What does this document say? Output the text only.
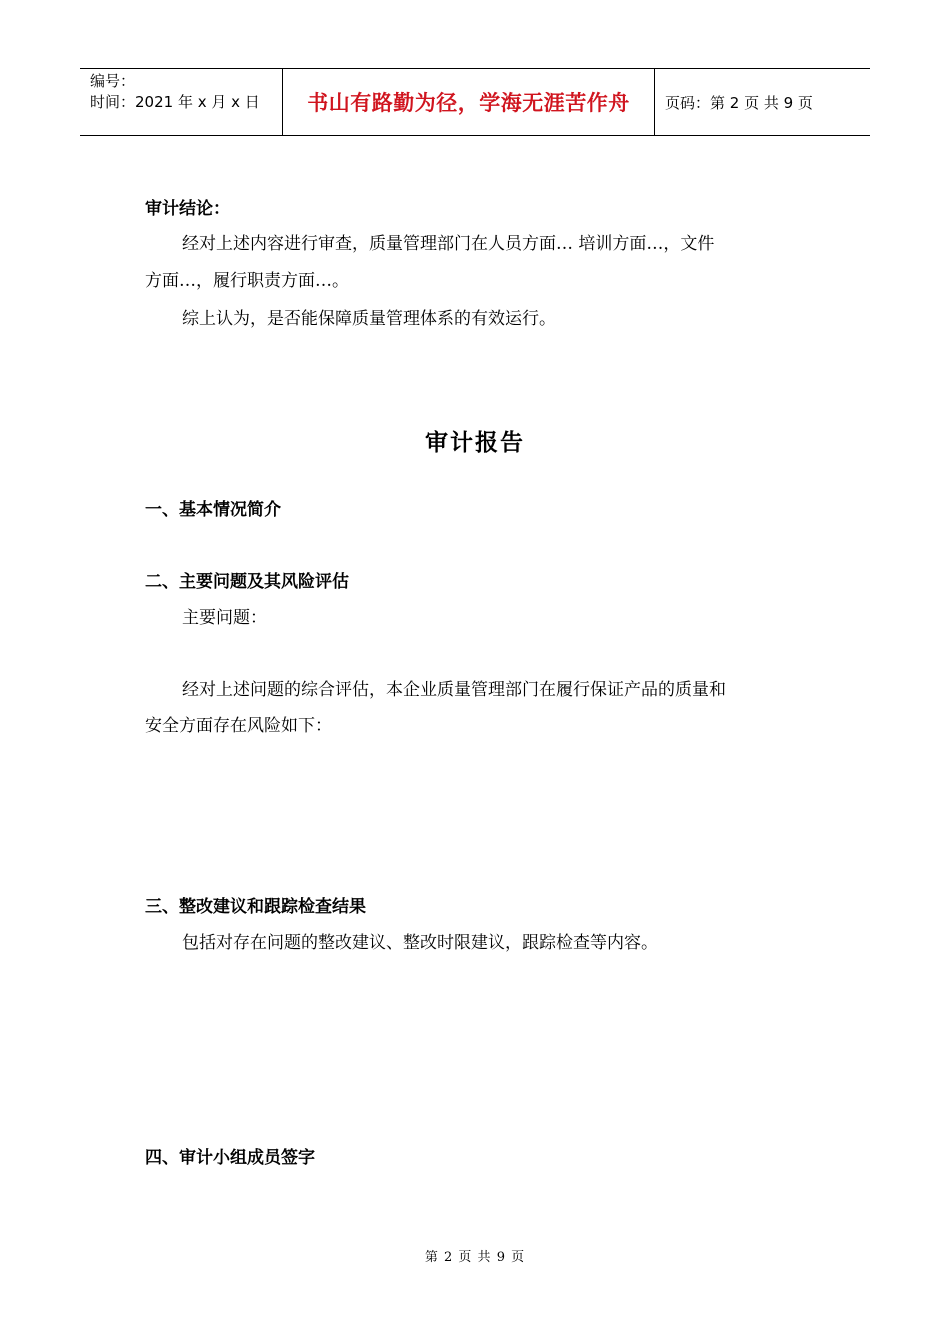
编号：
时间：2021 年 x 月 x 日	书山有路勤为径，学海无涯苦作舟 页码：第 2 页 共 9 页
审计结论：
经对上述内容进行审查，质量管理部门在人员方面… 培训方面…，文件
方面…，履行职责方面…。
综上认为，是否能保障质量管理体系的有效运行。
审计报告
一、基本情况简介
二、主要问题及其风险评估
主要问题：
经对上述问题的综合评估，本企业质量管理部门在履行保证产品的质量和
安全方面存在风险如下：
三、整改建议和跟踪检查结果
包括对存在问题的整改建议、整改时限建议，跟踪检查等内容。
四、审计小组成员签字
第 2 页 共 9 页
